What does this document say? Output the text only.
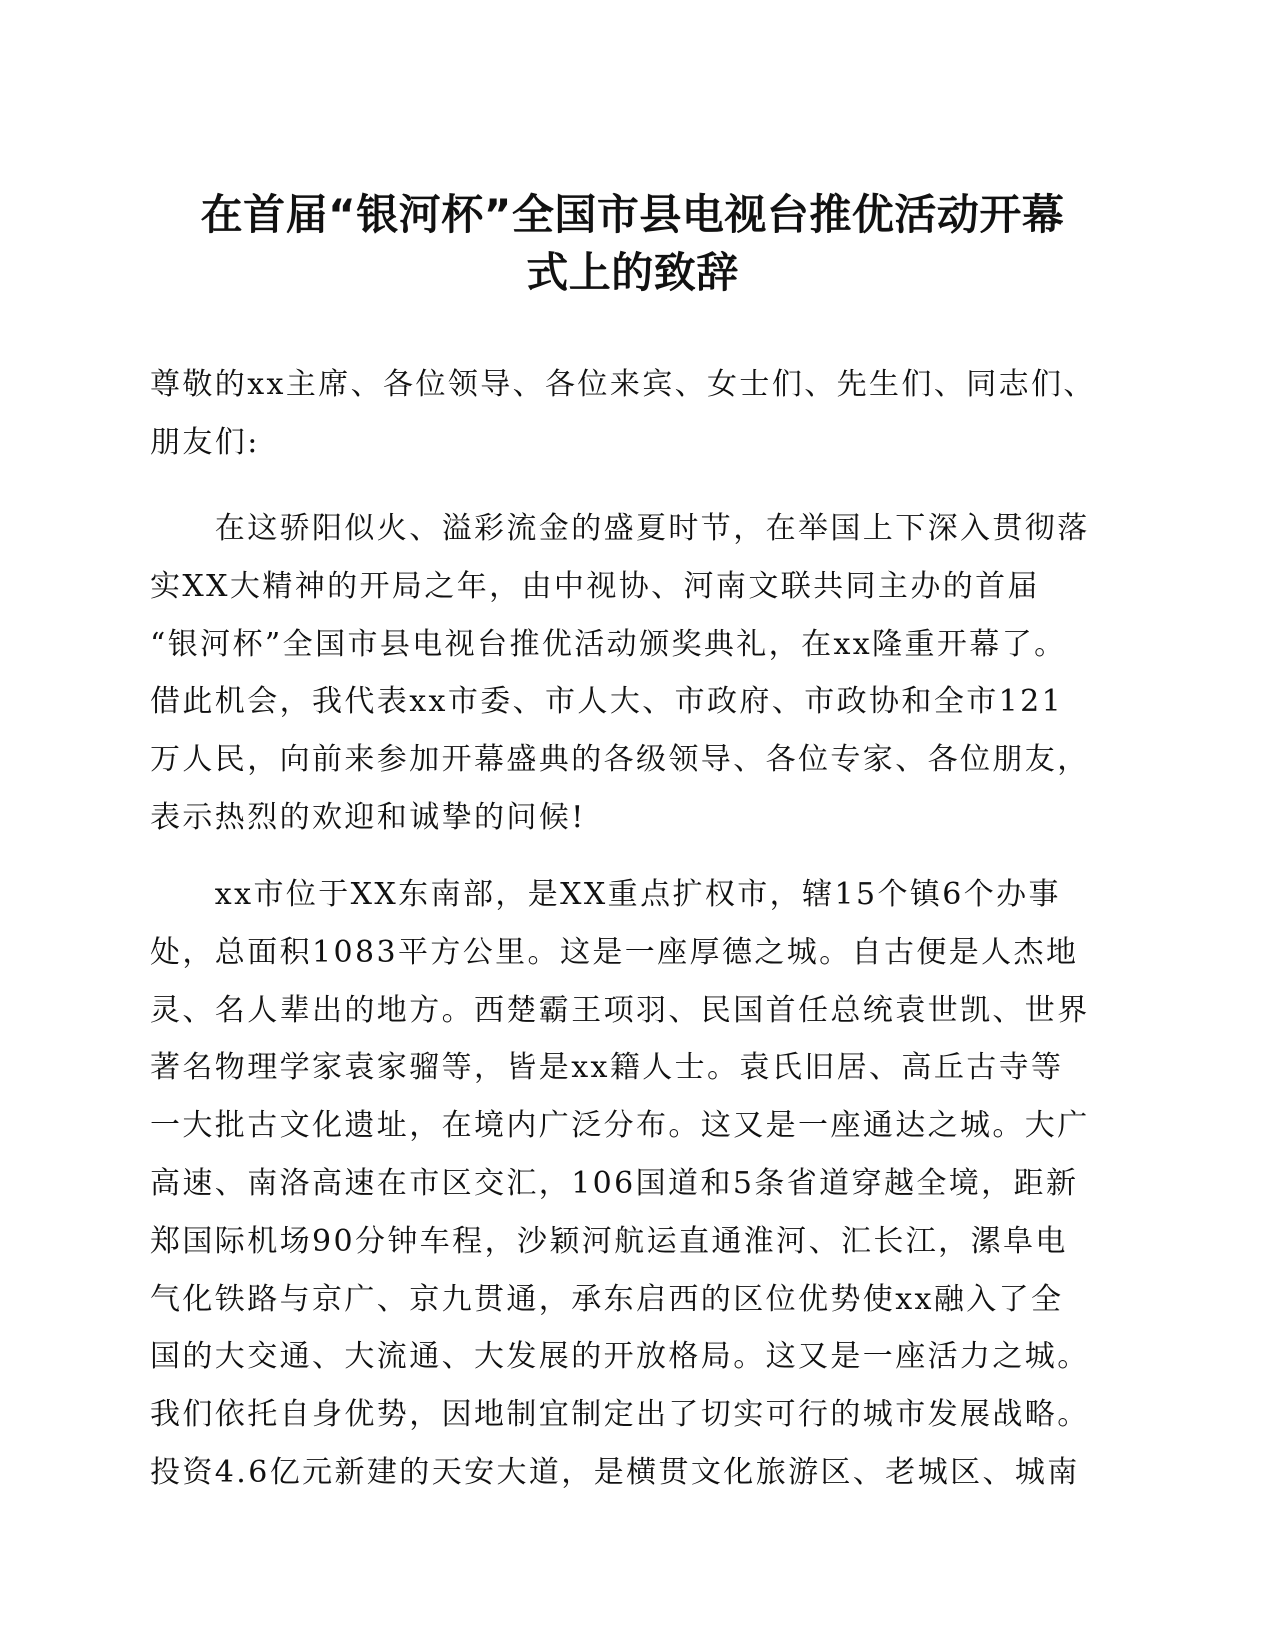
在首届“银河杯”全国市县电视台推优活动开幕
式上的致辞

尊敬的xx主席、各位领导、各位来宾、女士们、先生们、同志们、
朋友们:

　　在这骄阳似火、溢彩流金的盛夏时节，在举国上下深入贯彻落
实XX大精神的开局之年，由中视协、河南文联共同主办的首届
“银河杯”全国市县电视台推优活动颁奖典礼，在xx隆重开幕了。
借此机会，我代表xx市委、市人大、市政府、市政协和全市121
万人民，向前来参加开幕盛典的各级领导、各位专家、各位朋友，
表示热烈的欢迎和诚挚的问候!

　　xx市位于XX东南部，是XX重点扩权市，辖15个镇6个办事
处，总面积1083平方公里。这是一座厚德之城。自古便是人杰地
灵、名人辈出的地方。西楚霸王项羽、民国首任总统袁世凯、世界
著名物理学家袁家骝等，皆是xx籍人士。袁氏旧居、高丘古寺等
一大批古文化遗址，在境内广泛分布。这又是一座通达之城。大广
高速、南洛高速在市区交汇，106国道和5条省道穿越全境，距新
郑国际机场90分钟车程，沙颖河航运直通淮河、汇长江，漯阜电
气化铁路与京广、京九贯通，承东启西的区位优势使xx融入了全
国的大交通、大流通、大发展的开放格局。这又是一座活力之城。
我们依托自身优势，因地制宜制定出了切实可行的城市发展战略。
投资4.6亿元新建的天安大道，是横贯文化旅游区、老城区、城南
